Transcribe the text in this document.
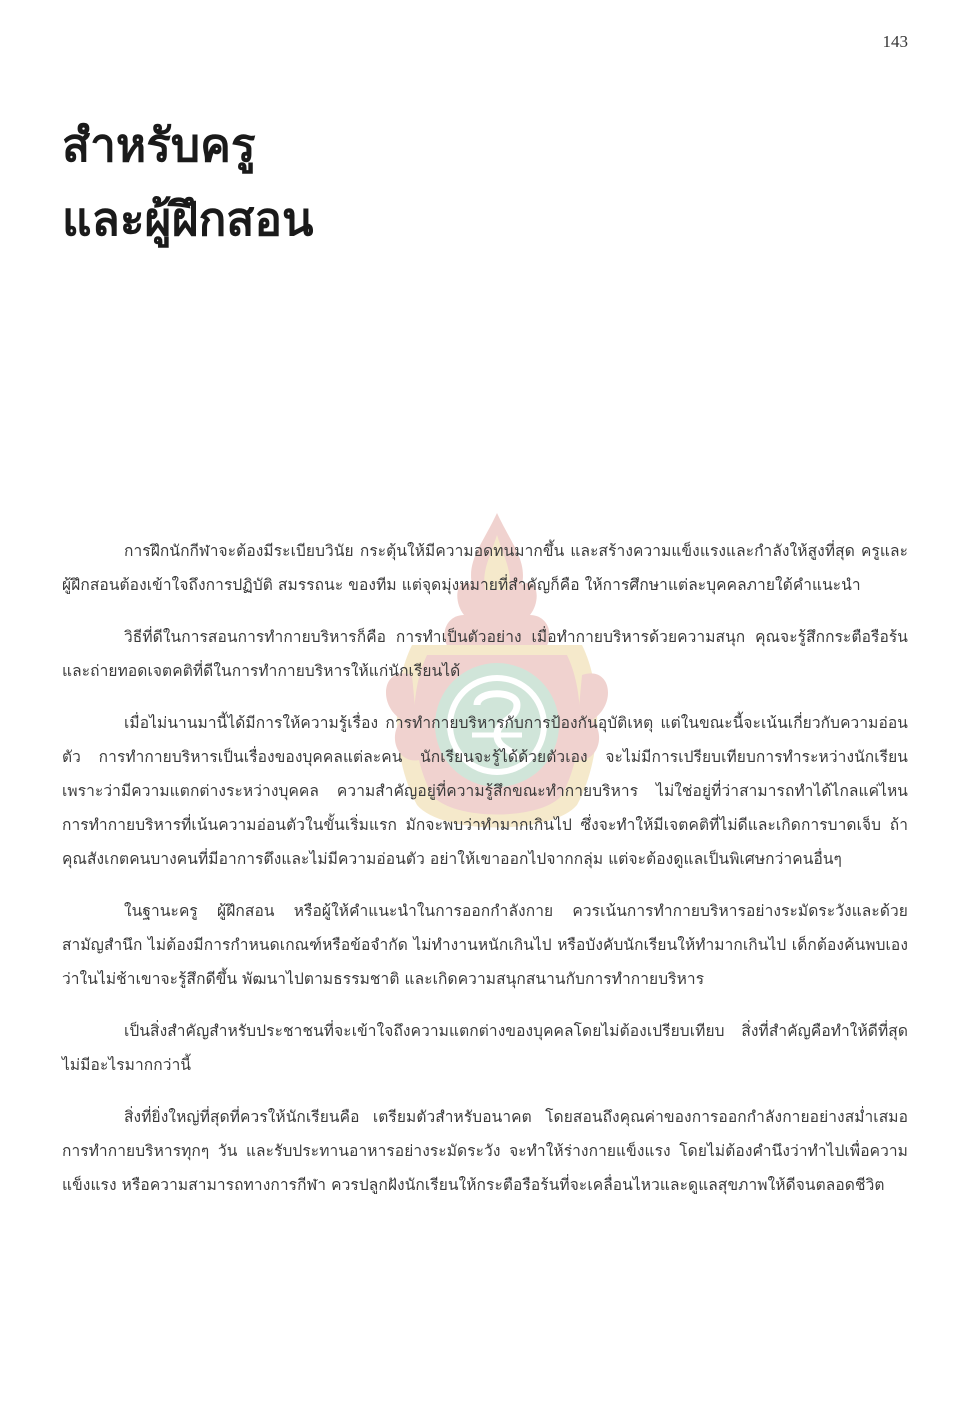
143
สำหรับครู
และผู้ฝึกสอน

การฝึกนักกีฬาจะต้องมีระเบียบวินัย กระตุ้นให้มีความอดทนมากขึ้น และสร้างความแข็งแรงและกำลังให้สูงที่สุด ครูและผู้ฝึกสอนต้องเข้าใจถึงการปฏิบัติ สมรรถนะ ของทีม แต่จุดมุ่งหมายที่สำคัญก็คือ ให้การศึกษาแต่ละบุคคลภายใต้คำแนะนำ

วิธีที่ดีในการสอนการทำกายบริหารก็คือ การทำเป็นตัวอย่าง เมื่อทำกายบริหารด้วยความสนุก คุณจะรู้สึกกระตือรือร้น และถ่ายทอดเจตคติที่ดีในการทำกายบริหารให้แก่นักเรียนได้

เมื่อไม่นานมานี้ได้มีการให้ความรู้เรื่อง การทำกายบริหารกับการป้องกันอุบัติเหตุ แต่ในขณะนี้จะเน้นเกี่ยวกับความอ่อนตัว การทำกายบริหารเป็นเรื่องของบุคคลแต่ละคน นักเรียนจะรู้ได้ด้วยตัวเอง จะไม่มีการเปรียบเทียบการทำระหว่างนักเรียน เพราะว่ามีความแตกต่างระหว่างบุคคล ความสำคัญอยู่ที่ความรู้สึกขณะทำกายบริหาร ไม่ใช่อยู่ที่ว่าสามารถทำได้ไกลแค่ไหน การทำกายบริหารที่เน้นความอ่อนตัวในขั้นเริ่มแรก มักจะพบว่าทำมากเกินไป ซึ่งจะทำให้มีเจตคติที่ไม่ดีและเกิดการบาดเจ็บ ถ้าคุณสังเกตคนบางคนที่มีอาการตึงและไม่มีความอ่อนตัว อย่าให้เขาออกไปจากกลุ่ม แต่จะต้องดูแลเป็นพิเศษกว่าคนอื่นๆ

ในฐานะครู ผู้ฝึกสอน หรือผู้ให้คำแนะนำในการออกกำลังกาย ควรเน้นการทำกายบริหารอย่างระมัดระวังและด้วยสามัญสำนึก ไม่ต้องมีการกำหนดเกณฑ์หรือข้อจำกัด ไม่ทำงานหนักเกินไป หรือบังคับนักเรียนให้ทำมากเกินไป เด็กต้องค้นพบเองว่าในไม่ช้าเขาจะรู้สึกดีขึ้น พัฒนาไปตามธรรมชาติ และเกิดความสนุกสนานกับการทำกายบริหาร

เป็นสิ่งสำคัญสำหรับประชาชนที่จะเข้าใจถึงความแตกต่างของบุคคลโดยไม่ต้องเปรียบเทียบ สิ่งที่สำคัญคือทำให้ดีที่สุด ไม่มีอะไรมากกว่านี้

สิ่งที่ยิ่งใหญ่ที่สุดที่ควรให้นักเรียนคือ เตรียมตัวสำหรับอนาคต โดยสอนถึงคุณค่าของการออกกำลังกายอย่างสม่ำเสมอ การทำกายบริหารทุกๆ วัน และรับประทานอาหารอย่างระมัดระวัง จะทำให้ร่างกายแข็งแรง โดยไม่ต้องคำนึงว่าทำไปเพื่อความแข็งแรง หรือความสามารถทางการกีฬา ควรปลูกฝังนักเรียนให้กระตือรือร้นที่จะเคลื่อนไหวและดูแลสุขภาพให้ดีจนตลอดชีวิต
